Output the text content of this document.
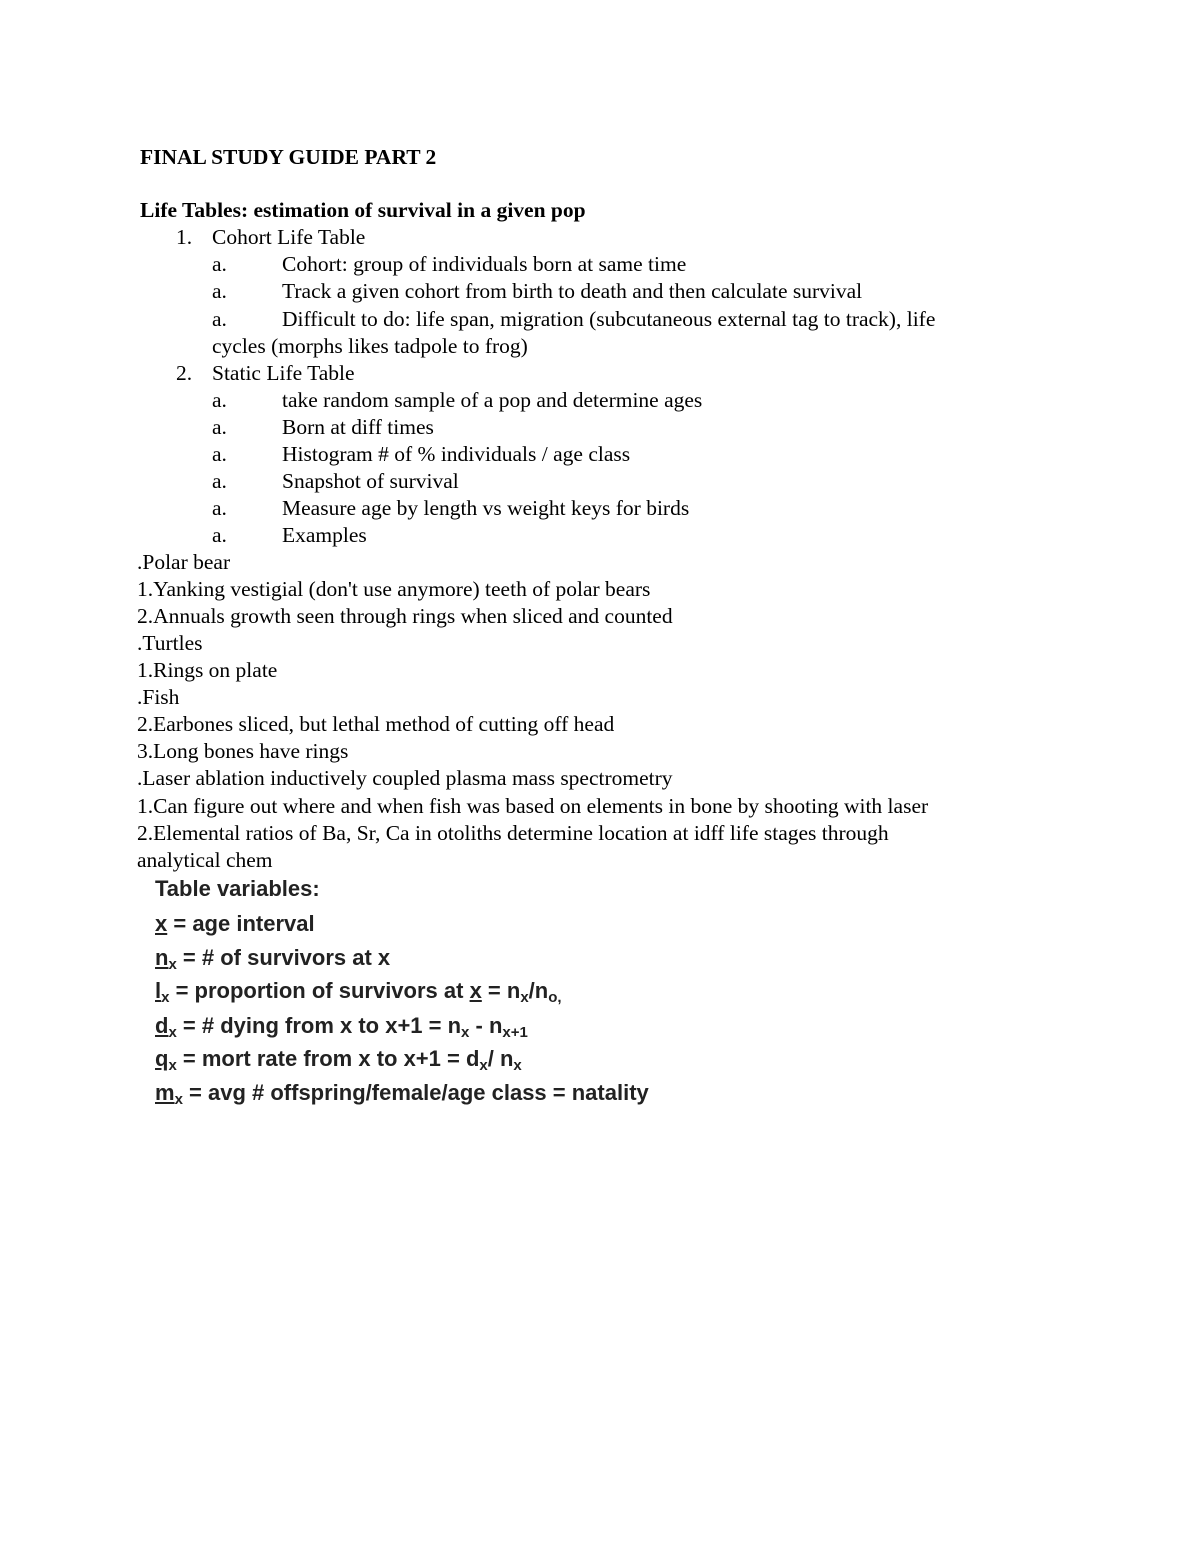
FINAL STUDY GUIDE PART 2
Life Tables: estimation of survival in a given pop
1. Cohort Life Table
a.	Cohort: group of individuals born at same time
a.	Track a given cohort from birth to death and then calculate survival
a.	Difficult to do: life span, migration (subcutaneous external tag to track), life
cycles (morphs likes tadpole to frog)
2. Static Life Table
a.	take random sample of a pop and determine ages
a.	Born at diff times
a.	Histogram # of % individuals / age class
a.	Snapshot of survival
a.	Measure age by length vs weight keys for birds
a.	Examples
.Polar bear
1.Yanking vestigial (don't use anymore) teeth of polar bears
2.Annuals growth seen through rings when sliced and counted
.Turtles
1.Rings on plate
.Fish
2.Earbones sliced, but lethal method of cutting off head
3.Long bones have rings
.Laser ablation inductively coupled plasma mass spectrometry
1.Can figure out where and when fish was based on elements in bone by shooting with laser
2.Elemental ratios of Ba, Sr, Ca in otoliths determine location at idff life stages through
analytical chem
Table variables:
x = age interval
$n_x$ = # of survivors at x
$l_x$ = proportion of survivors at $x = n_x/n_{o,}$
$d_x$ = # dying from x to $x+1 = n_x - n_{x+1}$
$q_x$ = mort rate from x to $x+1 = d_x/$ $n_x$
$m_x$ = avg # offspring/female/age class = natality
